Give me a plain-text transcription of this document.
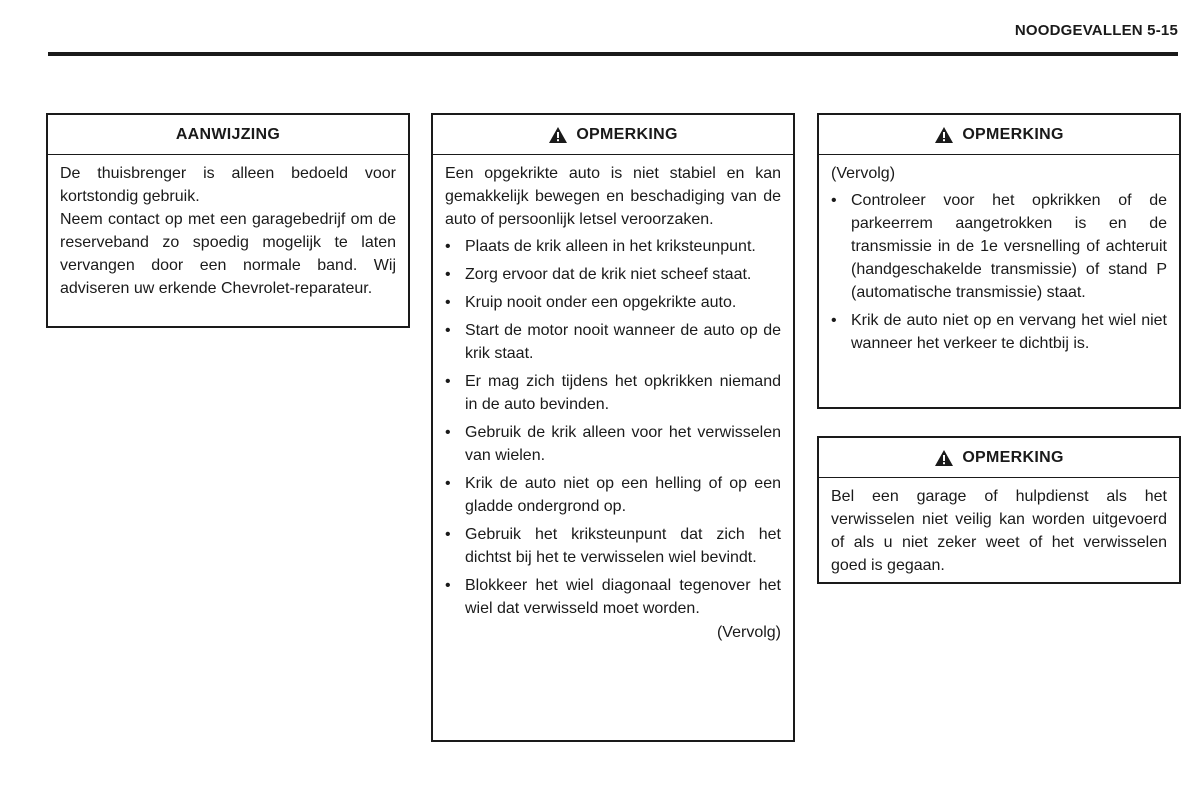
NOODGEVALLEN 5-15
AANWIJZING

De thuisbrenger is alleen bedoeld voor kortstondig gebruik.

Neem contact op met een garagebedrijf om de reserveband zo spoedig mogelijk te laten vervangen door een normale band. Wij adviseren uw erkende Chevrolet-reparateur.

OPMERKING

Een opgekrikte auto is niet stabiel en kan gemakkelijk bewegen en beschadiging van de auto of persoonlijk letsel veroorzaken.

• Plaats de krik alleen in het kriksteunpunt.
• Zorg ervoor dat de krik niet scheef staat.
• Kruip nooit onder een opgekrikte auto.
• Start de motor nooit wanneer de auto op de krik staat.
• Er mag zich tijdens het opkrikken niemand in de auto bevinden.
• Gebruik de krik alleen voor het verwisselen van wielen.
• Krik de auto niet op een helling of op een gladde ondergrond op.
• Gebruik het kriksteunpunt dat zich het dichtst bij het te verwisselen wiel bevindt.
• Blokkeer het wiel diagonaal tegenover het wiel dat verwisseld moet worden.
(Vervolg)
OPMERKING

(Vervolg)

• Controleer voor het opkrikken of de parkeerrem aangetrokken is en de transmissie in de 1e versnelling of achteruit (handgeschakelde transmissie) of stand P (automatische transmissie) staat.
• Krik de auto niet op en vervang het wiel niet wanneer het verkeer te dichtbij is.
OPMERKING

Bel een garage of hulpdienst als het verwisselen niet veilig kan worden uitgevoerd of als u niet zeker weet of het verwisselen goed is gegaan.
